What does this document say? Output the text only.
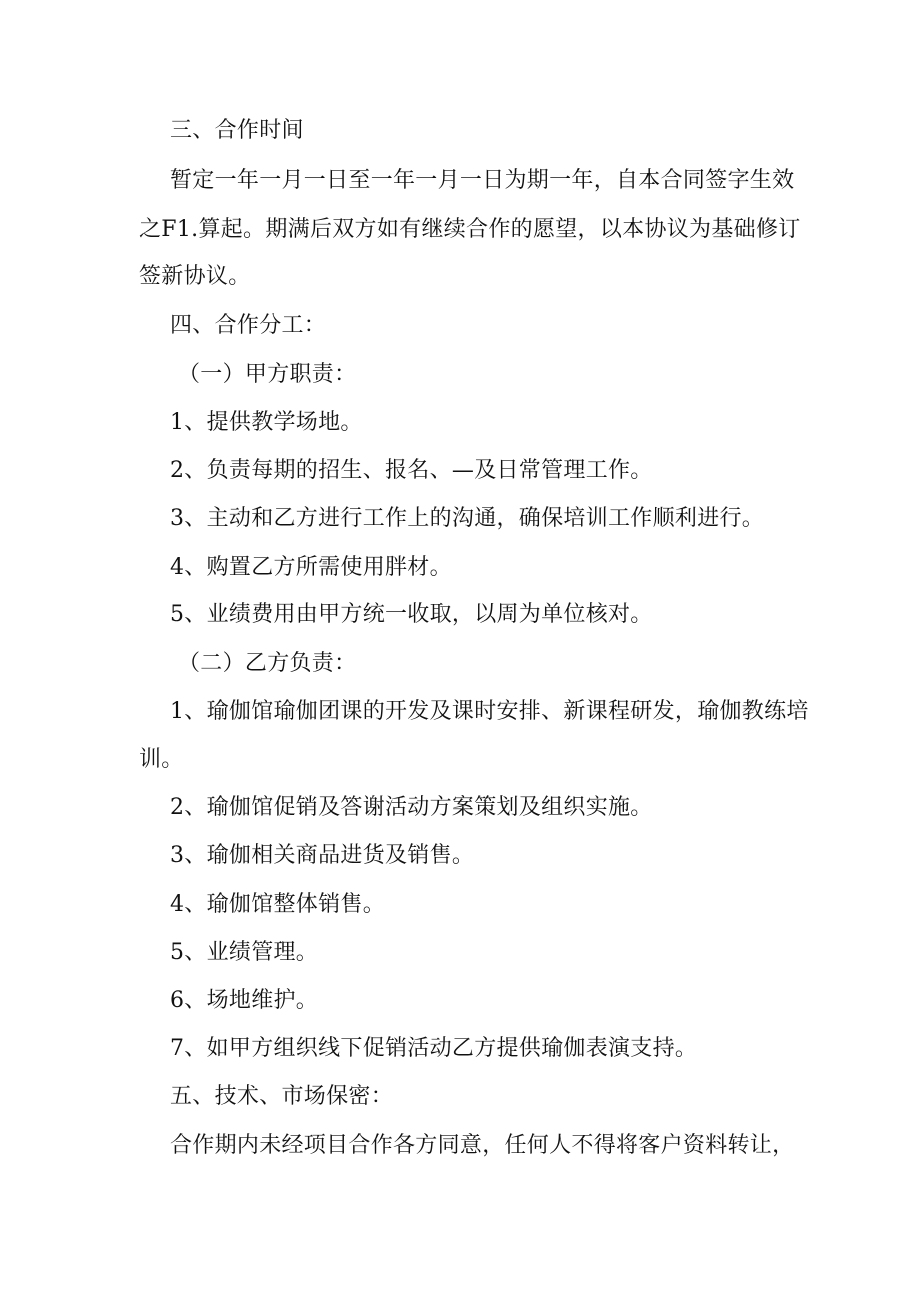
三、合作时间
暂定一年一月一日至一年一月一日为期一年，自本合同签字生效
之F1.算起。期满后双方如有继续合作的愿望，以本协议为基础修订
签新协议。
四、合作分工：
（一）甲方职责：
1、提供教学场地。
2、负责每期的招生、报名、—及日常管理工作。
3、主动和乙方进行工作上的沟通，确保培训工作顺利进行。
4、购置乙方所需使用胖材。
5、业绩费用由甲方统一收取，以周为单位核对。
（二）乙方负责：
1、瑜伽馆瑜伽团课的开发及课时安排、新课程研发，瑜伽教练培
训。
2、瑜伽馆促销及答谢活动方案策划及组织实施。
3、瑜伽相关商品进货及销售。
4、瑜伽馆整体销售。
5、业绩管理。
6、场地维护。
7、如甲方组织线下促销活动乙方提供瑜伽表演支持。
五、技术、市场保密：
合作期内未经项目合作各方同意，任何人不得将客户资料转让，
